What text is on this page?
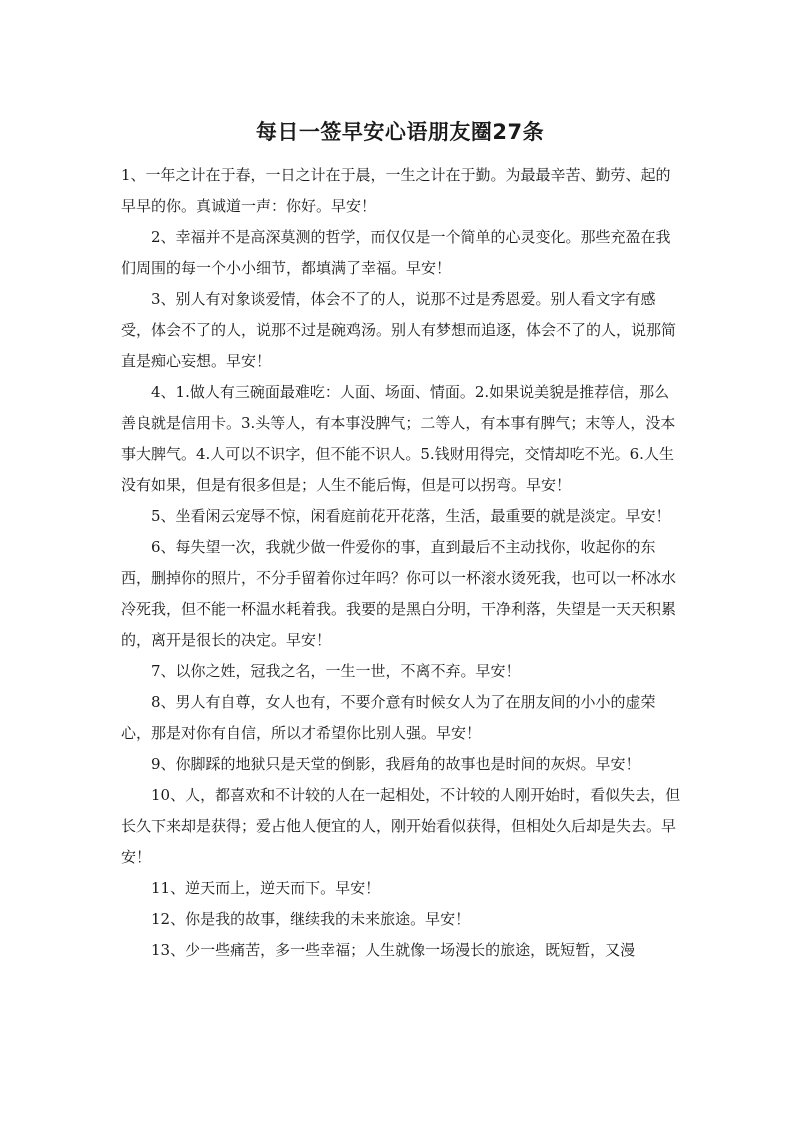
每日一签早安心语朋友圈27条

1、一年之计在于春，一日之计在于晨，一生之计在于勤。为最最辛苦、勤劳、起的早早的你。真诚道一声：你好。早安！

2、幸福并不是高深莫测的哲学，而仅仅是一个简单的心灵变化。那些充盈在我们周围的每一个小小细节，都填满了幸福。早安！

3、别人有对象谈爱情，体会不了的人，说那不过是秀恩爱。别人看文字有感受，体会不了的人，说那不过是碗鸡汤。别人有梦想而追逐，体会不了的人，说那简直是痴心妄想。早安！

4、1.做人有三碗面最难吃：人面、场面、情面。2.如果说美貌是推荐信，那么善良就是信用卡。3.头等人，有本事没脾气；二等人，有本事有脾气；末等人，没本事大脾气。4.人可以不识字，但不能不识人。5.钱财用得完，交情却吃不光。6.人生没有如果，但是有很多但是；人生不能后悔，但是可以拐弯。早安！

5、坐看闲云宠辱不惊，闲看庭前花开花落，生活，最重要的就是淡定。早安！

6、每失望一次，我就少做一件爱你的事，直到最后不主动找你，收起你的东西，删掉你的照片，不分手留着你过年吗？你可以一杯滚水烫死我，也可以一杯冰水冷死我，但不能一杯温水耗着我。我要的是黑白分明，干净利落，失望是一天天积累的，离开是很长的决定。早安！

7、以你之姓，冠我之名，一生一世，不离不弃。早安！

8、男人有自尊，女人也有，不要介意有时候女人为了在朋友间的小小的虚荣心，那是对你有自信，所以才希望你比别人强。早安！

9、你脚踩的地狱只是天堂的倒影，我唇角的故事也是时间的灰烬。早安！

10、人，都喜欢和不计较的人在一起相处，不计较的人刚开始时，看似失去，但长久下来却是获得；爱占他人便宜的人，刚开始看似获得，但相处久后却是失去。早安！

11、逆天而上，逆天而下。早安！

12、你是我的故事，继续我的未来旅途。早安！

13、少一些痛苦，多一些幸福；人生就像一场漫长的旅途，既短暂，又漫
